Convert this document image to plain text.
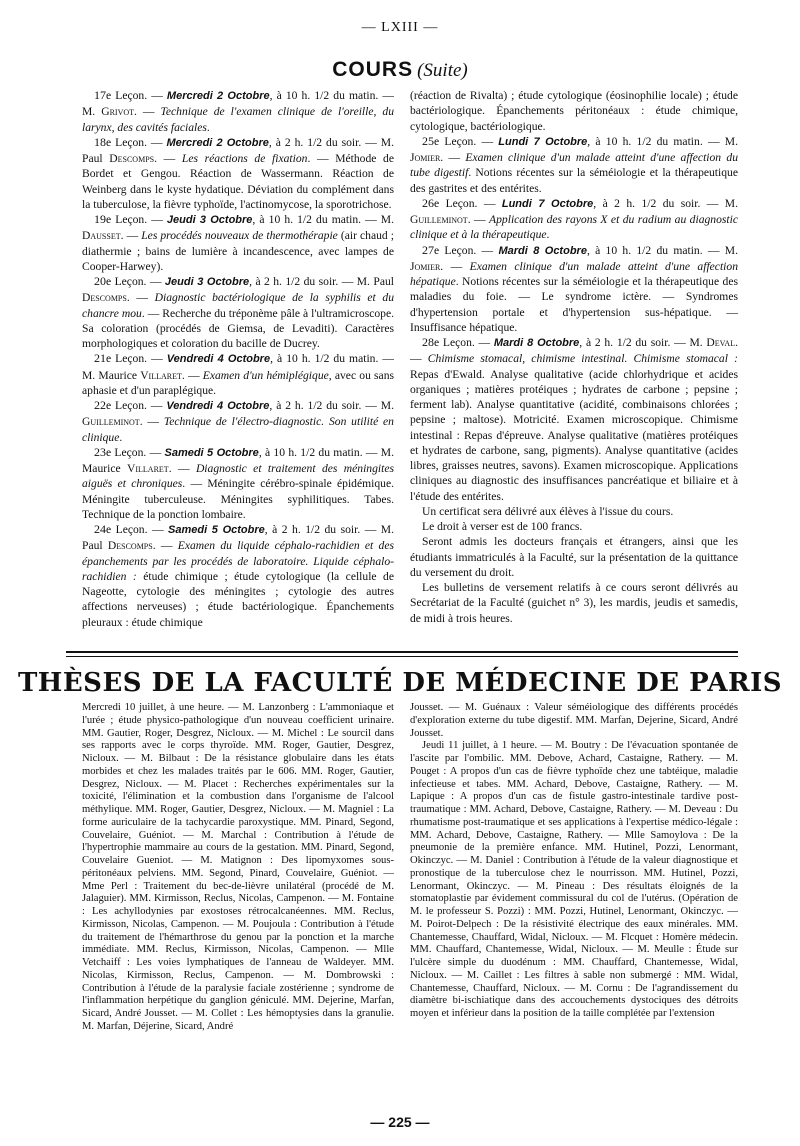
— LXIII —
COURS (Suite)

17e Leçon. — Mercredi 2 Octobre, à 10 h. 1/2 du matin. — M. Grivot. — Technique de l'examen clinique de l'oreille, du larynx, des cavités faciales.

18e Leçon. — Mercredi 2 Octobre, à 2 h. 1/2 du soir. — M. Paul Descomps. — Les réactions de fixation. — Méthode de Bordet et Gengou. Réaction de Wassermann. Réaction de Weinberg dans le kyste hydatique. Déviation du complément dans la tuberculose, la fièvre typhoïde, l'actinomycose, la sporotrichose.

19e Leçon. — Jeudi 3 Octobre, à 10 h. 1/2 du matin. — M. Dausset. — Les procédés nouveaux de thermothérapie (air chaud ; diathermie ; bains de lumière à incandescence, avec lampes de Cooper-Harwey).

20e Leçon. — Jeudi 3 Octobre, à 2 h. 1/2 du soir. — M. Paul Descomps. — Diagnostic bactériologique de la syphilis et du chancre mou. — Recherche du tréponème pâle à l'ultramicroscope. Sa coloration (procédés de Giemsa, de Levaditi). Caractères morphologiques et coloration du bacille de Ducrey.

21e Leçon. — Vendredi 4 Octobre, à 10 h. 1/2 du matin. — M. Maurice Villaret. — Examen d'un hémiplégique, avec ou sans aphasie et d'un paraplégique.

22e Leçon. — Vendredi 4 Octobre, à 2 h. 1/2 du soir. — M. Guilleminot. — Technique de l'électro-diagnostic. Son utilité en clinique.

23e Leçon. — Samedi 5 Octobre, à 10 h. 1/2 du matin. — M. Maurice Villaret. — Diagnostic et traitement des méningites aiguës et chroniques. — Méningite cérébro-spinale épidémique. Méningite tuberculeuse. Méningites syphilitiques. Tabes. Technique de la ponction lombaire.

24e Leçon. — Samedi 5 Octobre, à 2 h. 1/2 du soir. — M. Paul Descomps. — Examen du liquide céphalo-rachidien et des épanchements par les procédés de laboratoire. Liquide céphalo-rachidien : étude chimique ; étude cytologique (la cellule de Nageotte, cytologie des méningites ; cytologie des autres affections nerveuses) ; étude bactériologique. Épanchements pleuraux : étude chimique

(réaction de Rivalta) ; étude cytologique (éosinophilie locale) ; étude bactériologique. Épanchements péritonéaux : étude chimique, cytologique, bactériologique.

25e Leçon. — Lundi 7 Octobre, à 10 h. 1/2 du matin. — M. Jomier. — Examen clinique d'un malade atteint d'une affection du tube digestif. Notions récentes sur la séméiologie et la thérapeutique des gastrites et des entérites.

26e Leçon. — Lundi 7 Octobre, à 2 h. 1/2 du soir. — M. Guilleminot. — Application des rayons X et du radium au diagnostic clinique et à la thérapeutique.

27e Leçon. — Mardi 8 Octobre, à 10 h. 1/2 du matin. — M. Jomier. — Examen clinique d'un malade atteint d'une affection hépatique. Notions récentes sur la séméiologie et la thérapeutique des maladies du foie. — Le syndrome ictère. — Syndromes d'hypertension portale et d'hypertension sus-hépatique. — Insuffisance hépatique.

28e Leçon. — Mardi 8 Octobre, à 2 h. 1/2 du soir. — M. Deval. — Chimisme stomacal, chimisme intestinal. Chimisme stomacal : Repas d'Ewald. Analyse qualitative (acide chlorhydrique et acides organiques ; matières protéiques ; hydrates de carbone ; pepsine ; ferment lab). Analyse quantitative (acidité, combinaisons chlorées ; pepsine ; maltose). Motricité. Examen microscopique. Chimisme intestinal : Repas d'épreuve. Analyse qualitative (matières protéiques et hydrates de carbone, sang, pigments). Analyse quantitative (acides libres, graisses neutres, savons). Examen microscopique. Applications cliniques au diagnostic des insuffisances pancréatique et biliaire et à l'étude des entérites.

Un certificat sera délivré aux élèves à l'issue du cours.

Le droit à verser est de 100 francs.

Seront admis les docteurs français et étrangers, ainsi que les étudiants immatriculés à la Faculté, sur la présentation de la quittance du versement du droit.

Les bulletins de versement relatifs à ce cours seront délivrés au Secrétariat de la Faculté (guichet n° 3), les mardis, jeudis et samedis, de midi à trois heures.

THÈSES DE LA FACULTÉ DE MÉDECINE DE PARIS

Mercredi 10 juillet, à une heure. — M. Lanzonberg : L'ammoniaque et l'urée ; étude physico-pathologique d'un nouveau coefficient urinaire. MM. Gautier, Roger, Desgrez, Nicloux. — M. Michel : Le sourcil dans ses rapports avec le corps thyroïde. MM. Roger, Gautier, Desgrez, Nicloux. — M. Bilbaut : De la résistance globulaire dans les états morbides et chez les malades traités par le 606. MM. Roger, Gautier, Desgrez, Nicloux. — M. Placet : Recherches expérimentales sur la toxicité, l'élimination et la combustion dans l'organisme de l'alcool méthylique. MM. Roger, Gautier, Desgrez, Nicloux. — M. Magniel : La forme auriculaire de la tachycardie paroxystique. MM. Pinard, Segond, Couvelaire, Guéniot. — M. Marchal : Contribution à l'étude de l'hypertrophie mammaire au cours de la gestation. MM. Pinard, Segond, Couvelaire Gueniot. — M. Matignon : Des lipomyxomes sous-péritonéaux pelviens. MM. Segond, Pinard, Couvelaire, Guéniot. — Mme Perl : Traitement du bec-de-lièvre unilatéral (procédé de M. Jalaguier). MM. Kirmisson, Reclus, Nicolas, Campenon. — M. Fontaine : Les achyllodynies par exostoses rétrocalcanéennes. MM. Reclus, Kirmisson, Nicolas, Campenon. — M. Poujoula : Contribution à l'étude du traitement de l'hémarthrose du genou par la ponction et la marche immédiate. MM. Reclus, Kirmisson, Nicolas, Campenon. — Mlle Vetchaiff : Les voies lymphatiques de l'anneau de Waldeyer. MM. Nicolas, Kirmisson, Reclus, Campenon. — M. Dombrowski : Contribution à l'étude de la paralysie faciale zostérienne ; syndrome de l'inflammation herpétique du ganglion géniculé. MM. Dejerine, Marfan, Sicard, André Jousset. — M. Collet : Les hémoptysies dans la granulie. M. Marfan, Déjerine, Sicard, André

Jousset. — M. Guénaux : Valeur séméiologique des différents procédés d'exploration externe du tube digestif. MM. Marfan, Dejerine, Sicard, André Jousset.

Jeudi 11 juillet, à 1 heure. — M. Boutry : De l'évacuation spontanée de l'ascite par l'ombilic. MM. Debove, Achard, Castaigne, Rathery. — M. Pouget : A propos d'un cas de fièvre typhoïde chez une tabtéique, maladie infectieuse et tabes. MM. Achard, Debove, Castaigne, Rathery. — M. Lapique : A propos d'un cas de fistule gastro-intestinale tardive post-traumatique : MM. Achard, Debove, Castaigne, Rathery. — M. Deveau : Du rhumatisme post-traumatique et ses applications à l'expertise médico-légale : MM. Achard, Debove, Castaigne, Rathery. — Mlle Samoylova : De la pneumonie de la première enfance. MM. Hutinel, Pozzi, Lenormant, Okinczyc. — M. Daniel : Contribution à l'étude de la valeur diagnostique et pronostique de la tuberculose chez le nourrisson. MM. Hutinel, Pozzi, Lenormant, Okinczyc. — M. Pineau : Des résultats éloignés de la stomatoplastie par évidement commissural du col de l'utérus. (Opération de M. le professeur S. Pozzi) : MM. Pozzi, Hutinel, Lenormant, Okinczyc. — M. Poirot-Delpech : De la résistivité électrique des eaux minérales. MM. Chantemesse, Chauffard, Widal, Nicloux. — M. Flcquet : Homère médecin. MM. Chauffard, Chantemesse, Widal, Nicloux. — M. Meulle : Étude sur l'ulcère simple du duodénum : MM. Chauffard, Chantemesse, Widal, Nicloux. — M. Caillet : Les filtres à sable non submergé : MM. Widal, Chantemesse, Chauffard, Nicloux. — M. Cornu : De l'agrandissement du diamètre bi-ischiatique dans des accouchements dystociques des détroits moyen et inférieur dans la position de la taille complétée par l'extension

— 225 —
